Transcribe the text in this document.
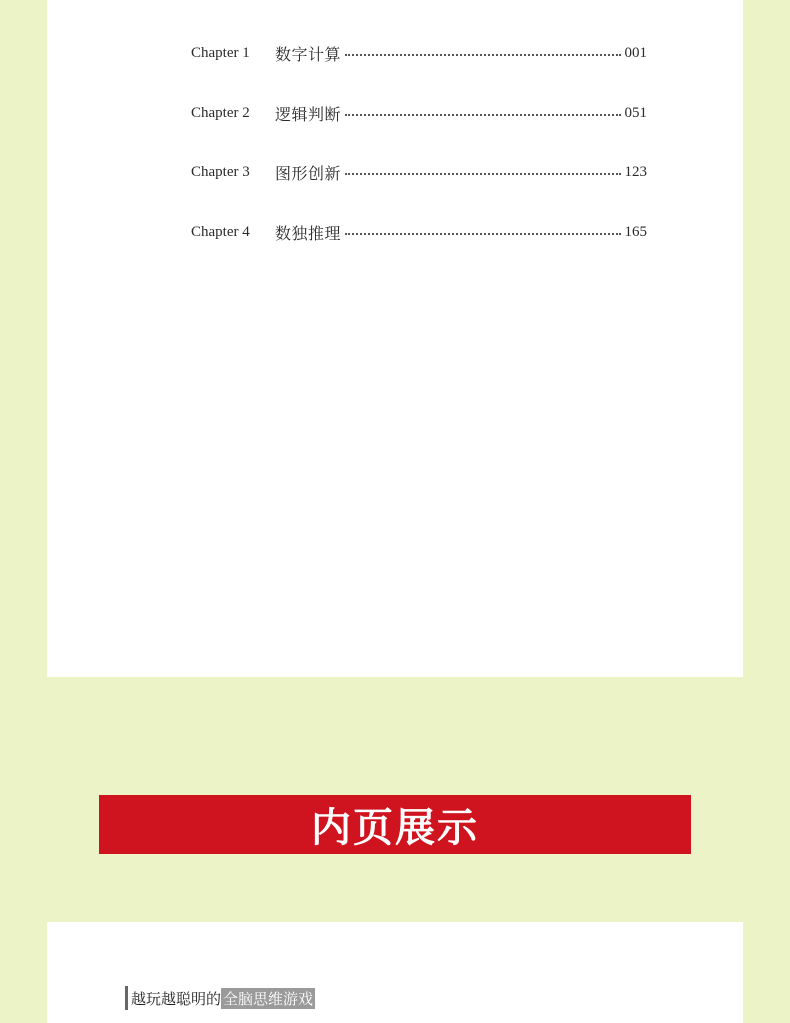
Chapter 1	数字计算	001
Chapter 2	逻辑判断	051
Chapter 3	图形创新	123
Chapter 4	数独推理	165
内页展示
越玩越聪明的 全脑思维游戏
